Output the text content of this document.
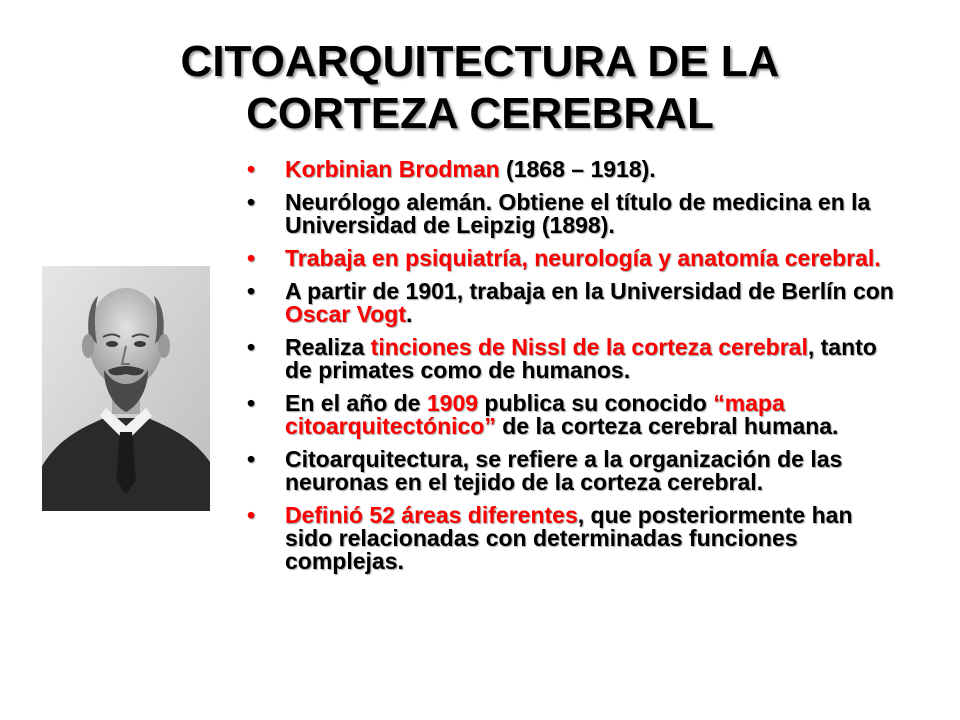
CITOARQUITECTURA DE LA
CORTEZA CEREBRAL
• Korbinian Brodman (1868 – 1918).
• Neurólogo alemán. Obtiene el título de medicina en la Universidad de Leipzig (1898).
• Trabaja en psiquiatría, neurología y anatomía cerebral.
• A partir de 1901, trabaja en la Universidad de Berlín con Oscar Vogt.
• Realiza tinciones de Nissl de la corteza cerebral, tanto de primates como de humanos.
• En el año de 1909 publica su conocido “mapa citoarquitectónico” de la corteza cerebral humana.
• Citoarquitectura, se refiere a la organización de las neuronas en el tejido de la corteza cerebral.
• Definió 52 áreas diferentes, que posteriormente han sido relacionadas con determinadas funciones complejas.
